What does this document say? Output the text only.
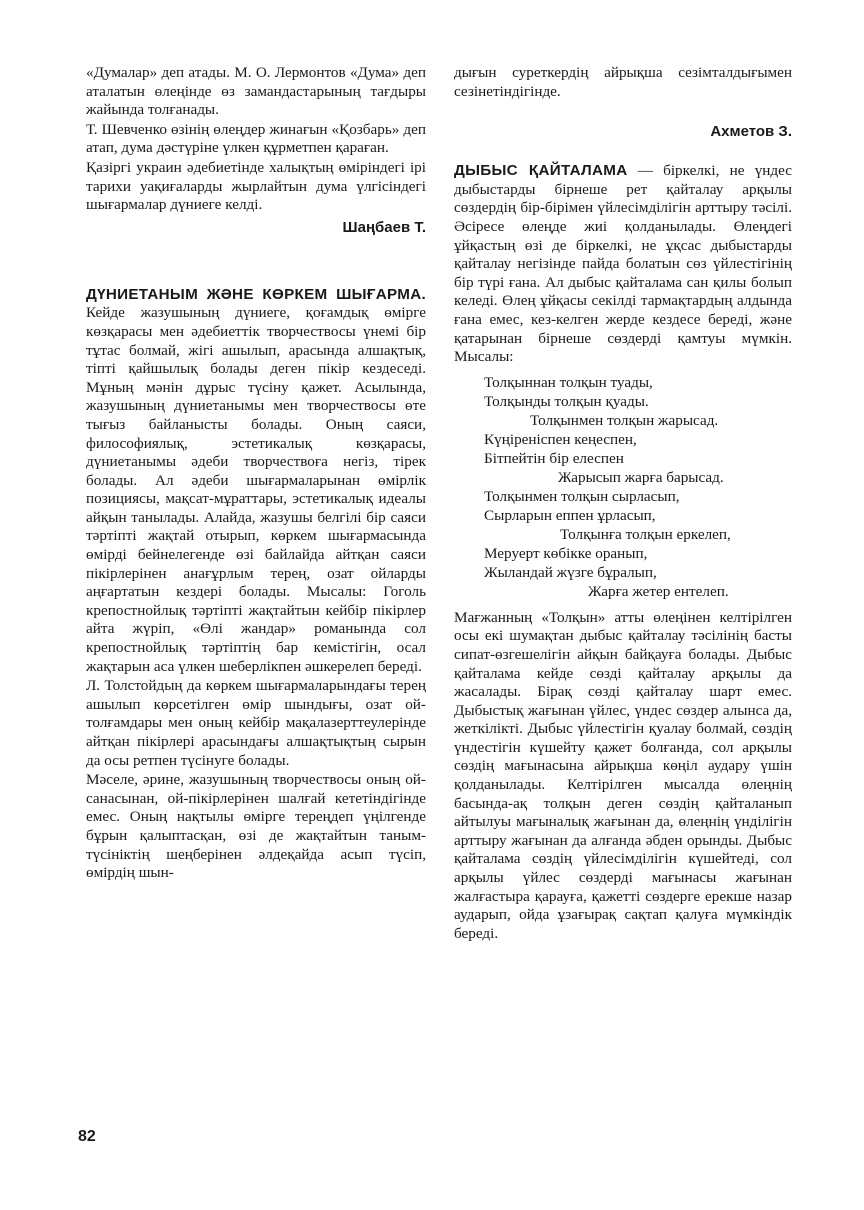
«Думалар» деп атады. М. О. Лермонтов «Дума» деп аталатын өлеңінде өз замандастарының тағдыры жайында толғанады.

Т. Шевченко өзінің өлеңдер жинағын «Қозбарь» деп атап, дума дәстүріне үлкен құрметпен қараған.

Қазіргі украин әдебиетінде халықтың өміріндегі ірі тарихи уақиғаларды жырлайтын дума үлгісіндегі шығармалар дүниеге келді.

Шаңбаев Т.

ДҮНИЕТАНЫМ ЖӘНЕ КӨРКЕМ ШЫҒАРМА. Кейде жазушының дүниеге, қоғамдық өмірге көзқарасы мен әдебиеттік творчествосы үнемі бір тұтас болмай, жігі ашылып, арасында алшақтық, тіпті қайшылық болады деген пікір кездеседі. Мұның мәнін дұрыс түсіну қажет. Асылында, жазушының дүниетанымы мен творчествосы өте тығыз байланысты болады. Оның саяси, философиялық, эстетикалық көзқарасы, дүниетанымы әдеби творчествоға негіз, тірек болады. Ал әдеби шығармаларынан өмірлік позициясы, мақсат-мұраттары, эстетикалық идеалы айқын танылады. Алайда, жазушы белгілі бір саяси тәртіпті жақтай отырып, көркем шығармасында өмірді бейнелегенде өзі байлайда айтқан саяси пікірлерінен анағұрлым терең, озат ойларды аңғартатын кездері болады. Мысалы: Гоголь крепостнойлық тәртіпті жақтайтын кейбір пікірлер айта жүріп, «Өлі жандар» романында сол крепостнойлық тәртіптің бар кемістігін, осал жақтарын аса үлкен шеберлікпен әшкерелеп береді.

Л. Толстойдың да көркем шығармаларындағы терең ашылып көрсетілген өмір шындығы, озат ой-толғамдары мен оның кейбір мақалазерттеулерінде айтқан пікірлері арасындағы алшақтықтың сырын да осы ретпен түсінуге болады.

Мәселе, әрине, жазушының творчествосы оның ой-санасынан, ой-пікірлерінен шалғай кететіндігінде емес. Оның нақтылы өмірге тереңдеп үңілгенде бұрын қалыптасқан, өзі де жақтайтын таным-түсініктің шеңберінен әлдеқайда асып түсіп, өмірдің шын-

дығын суреткердің айрықша сезімталдығымен сезінетіндігінде.

Ахметов З.

ДЫБЫС ҚАЙТАЛАМА — біркелкі, не үндес дыбыстарды бірнеше рет қайталау арқылы сөздердің бір-бірімен үйлесімділігін арттыру тәсілі. Әсіресе өлеңде жиі қолданылады. Өлеңдегі ұйқастың өзі де біркелкі, не ұқсас дыбыстарды қайталау негізінде пайда болатын сөз үйлестігінің бір түрі ғана. Ал дыбыс қайталама сан қилы болып келеді. Өлең ұйқасы секілді тармақтардың алдында ғана емес, кез-келген жерде кездесе береді, және қатарынан бірнеше сөздерді қамтуы мүмкін. Мысалы:

Толқыннан толқын туады,
Толқынды толқын қуады.
Толқынмен толқын жарысад.
Күңіреніспен кеңеспен,
Бітпейтін бір елеспен
Жарысып жарға барысад.
Толқынмен толқын сырласып,
Сырларын еппен ұрласып,
Толқынға толқын еркелеп,
Меруерт көбікке оранып,
Жыландай жүзге бұралып,
Жарға жетер ентелеп.

Мағжанның «Толқын» атты өлеңінен келтірілген осы екі шумақтан дыбыс қайталау тәсілінің басты сипат-өзгешелігін айқын байқауға болады. Дыбыс қайталама кейде сөзді қайталау арқылы да жасалады. Бірақ сөзді қайталау шарт емес. Дыбыстық жағынан үйлес, үндес сөздер алынса да, жеткілікті. Дыбыс үйлестігін қуалау болмай, сөздің үндестігін күшейту қажет болғанда, сол арқылы сөздің мағынасына айрықша көңіл аудару үшін қолданылады. Келтірілген мысалда өлеңнің басында-ақ толқын деген сөздің қайталанып айтылуы мағыналық жағынан да, өлеңнің үнділігін арттыру жағынан да алғанда әбден орынды. Дыбыс қайталама сөздің үйлесімділігін күшейтеді, сол арқылы үйлес сөздерді мағынасы жағынан жалғастыра қарауға, қажетті сөздерге ерекше назар аударып, ойда ұзағырақ сақтап қалуға мүмкіндік береді.

82
